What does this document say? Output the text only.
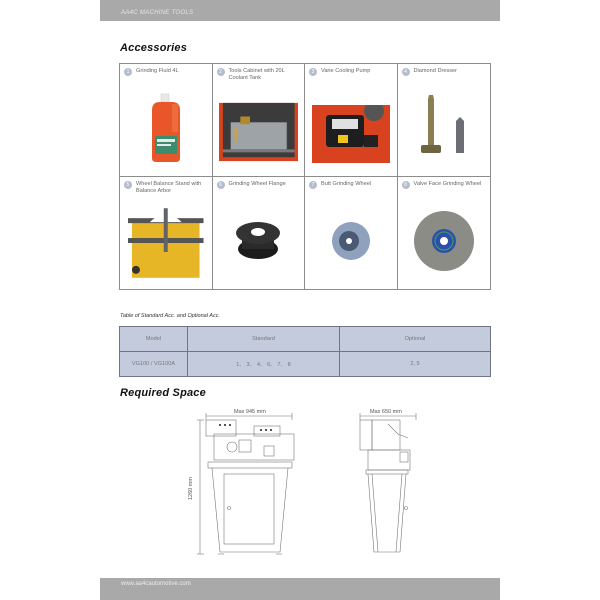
AA4C MACHINE TOOLS
Accessories
1	Grinding Fluid 4L	2	Tools Cabinet with 20L Coolant Tank
3	Vane Cooling Pump	4	Diamond Dresser
5	Wheel Balance Stand with Balance Arbor
6	Grinding Wheel Flange	7	Butt Grinding Wheel	8	Valve Face Grinding Wheel
Table of Standard Acc. and Optional Acc.
Model	Standard	Optional
VG100 / VG100A	1、 3、 4、 6、 7、 8	2, 5
Required Space
Max 945 mm
1260 mm
Max 650 mm
www.aa4cautomotive.com
